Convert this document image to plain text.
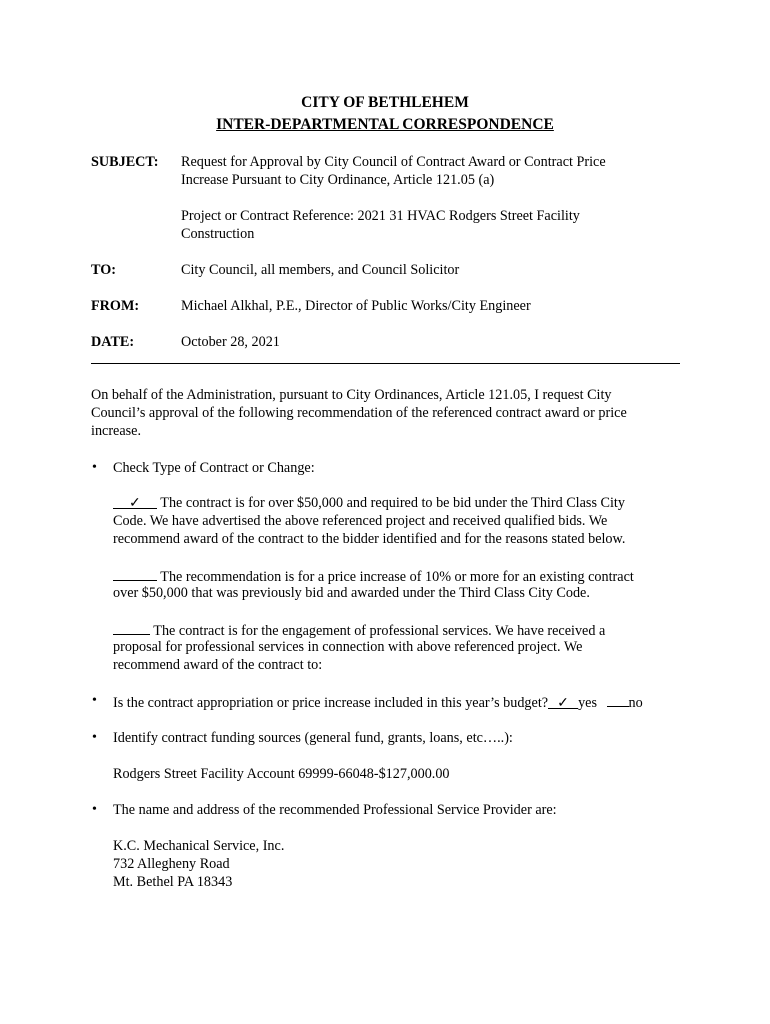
CITY OF BETHLEHEM
INTER-DEPARTMENTAL CORRESPONDENCE
SUBJECT: Request for Approval by City Council of Contract Award or Contract Price
Increase Pursuant to City Ordinance, Article 121.05 (a)
Project or Contract Reference: 2021 31 HVAC Rodgers Street Facility
Construction
TO:	City Council, all members, and Council Solicitor
FROM:	Michael Alkhal, P.E., Director of Public Works/City Engineer
DATE:	October 28, 2021
On behalf of the Administration, pursuant to City Ordinances, Article 121.05, I request City
Council’s approval of the following recommendation of the referenced contract award or price
increase.
• Check Type of Contract or Change:
✓ The contract is for over $50,000 and required to be bid under the Third Class City
Code. We have advertised the above referenced project and received qualified bids. We
recommend award of the contract to the bidder identified and for the reasons stated below.
The recommendation is for a price increase of 10% or more for an existing contract
over $50,000 that was previously bid and awarded under the Third Class City Code.
The contract is for the engagement of professional services. We have received a
proposal for professional services in connection with above referenced project. We
recommend award of the contract to:
• Is the contract appropriation or price increase included in this year’s budget? ✓ yes no
• Identify contract funding sources (general fund, grants, loans, etc…..):
Rodgers Street Facility Account 69999-66048-$127,000.00
• The name and address of the recommended Professional Service Provider are:
K.C. Mechanical Service, Inc.
732 Allegheny Road
Mt. Bethel PA 18343
